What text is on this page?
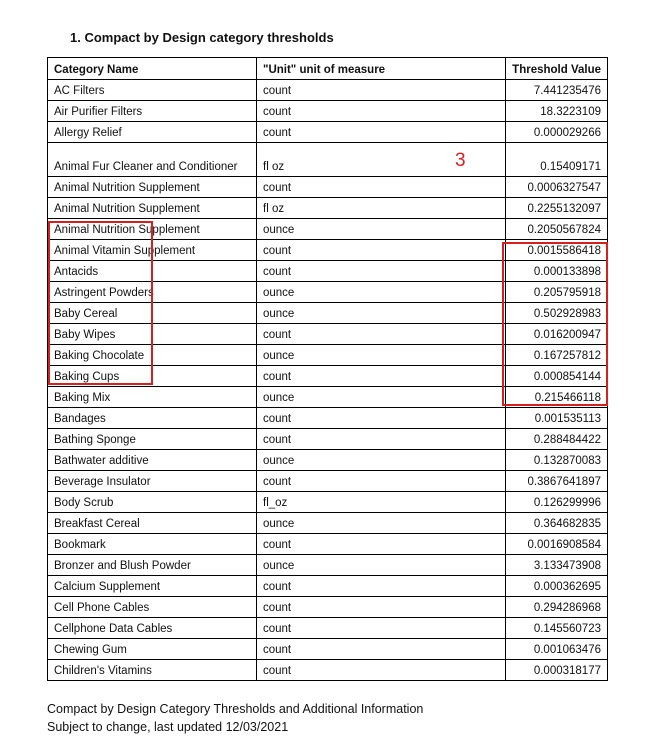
1. Compact by Design category thresholds

Category Name	"Unit" unit of measure	Threshold Value
AC Filters	count	7.441235476
Air Purifier Filters	count	18.3223109
Allergy Relief	count	0.000029266
Animal Fur Cleaner and Conditioner	fl oz	0.15409171
Animal Nutrition Supplement	count	0.0006327547
Animal Nutrition Supplement	fl oz	0.2255132097
Animal Nutrition Supplement	ounce	0.2050567824
Animal Vitamin Supplement	count	0.0015586418
Antacids	count	0.000133898
Astringent Powders	ounce	0.205795918
Baby Cereal	ounce	0.502928983
Baby Wipes	count	0.016200947
Baking Chocolate	ounce	0.167257812
Baking Cups	count	0.000854144
Baking Mix	ounce	0.215466118
Bandages	count	0.001535113
Bathing Sponge	count	0.288484422
Bathwater additive	ounce	0.132870083
Beverage Insulator	count	0.3867641897
Body Scrub	fl_oz	0.126299996
Breakfast Cereal	ounce	0.364682835
Bookmark	count	0.0016908584
Bronzer and Blush Powder	ounce	3.133473908
Calcium Supplement	count	0.000362695
Cell Phone Cables	count	0.294286968
Cellphone Data Cables	count	0.145560723
Chewing Gum	count	0.001063476
Children's Vitamins	count	0.000318177
3

Compact by Design Category Thresholds and Additional Information

Subject to change, last updated 12/03/2021
